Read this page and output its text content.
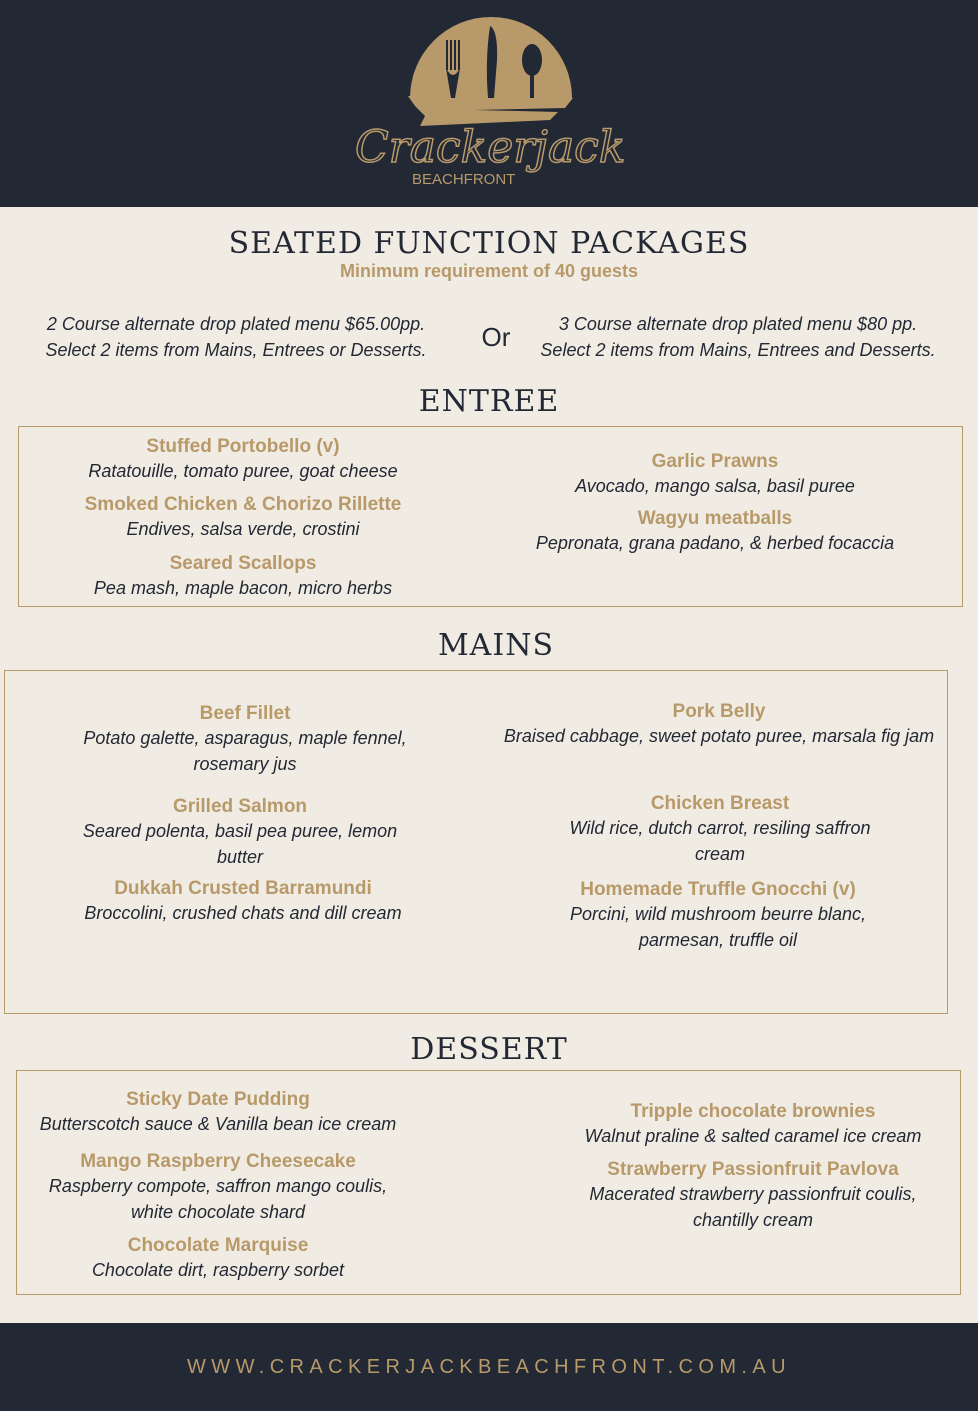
Crackerjack
BEACHFRONT
SEATED FUNCTION PACKAGES
Minimum requirement of 40 guests
2 Course alternate drop plated menu $65.00pp.
Select 2 items from Mains, Entrees or Desserts. Or	3 Course alternate drop plated menu $80 pp.
Select 2 items from Mains, Entrees and Desserts.
ENTREE
Stuffed Portobello (v)
Ratatouille, tomato puree, goat cheese
Smoked Chicken & Chorizo Rillette
Endives, salsa verde, crostini
Seared Scallops
Pea mash, maple bacon, micro herbs
Garlic Prawns
Avocado, mango salsa, basil puree
Wagyu meatballs
Pepronata, grana padano, & herbed focaccia
MAINS
Beef Fillet
Potato galette, asparagus, maple fennel, rosemary jus
Grilled Salmon
Seared polenta, basil pea puree, lemon butter
Dukkah Crusted Barramundi
Broccolini, crushed chats and dill cream
Pork Belly
Braised cabbage, sweet potato puree, marsala fig jam
Chicken Breast
Wild rice, dutch carrot, resiling saffron cream
Homemade Truffle Gnocchi (v)
Porcini, wild mushroom beurre blanc, parmesan, truffle oil
DESSERT
Sticky Date Pudding
Butterscotch sauce & Vanilla bean ice cream
Mango Raspberry Cheesecake
Raspberry compote, saffron mango coulis, white chocolate shard
Chocolate Marquise
Chocolate dirt, raspberry sorbet
Tripple chocolate brownies
Walnut praline & salted caramel ice cream
Strawberry Passionfruit Pavlova
Macerated strawberry passionfruit coulis, chantilly cream
WWW.CRACKERJACKBEACHFRONT.COM.AU
